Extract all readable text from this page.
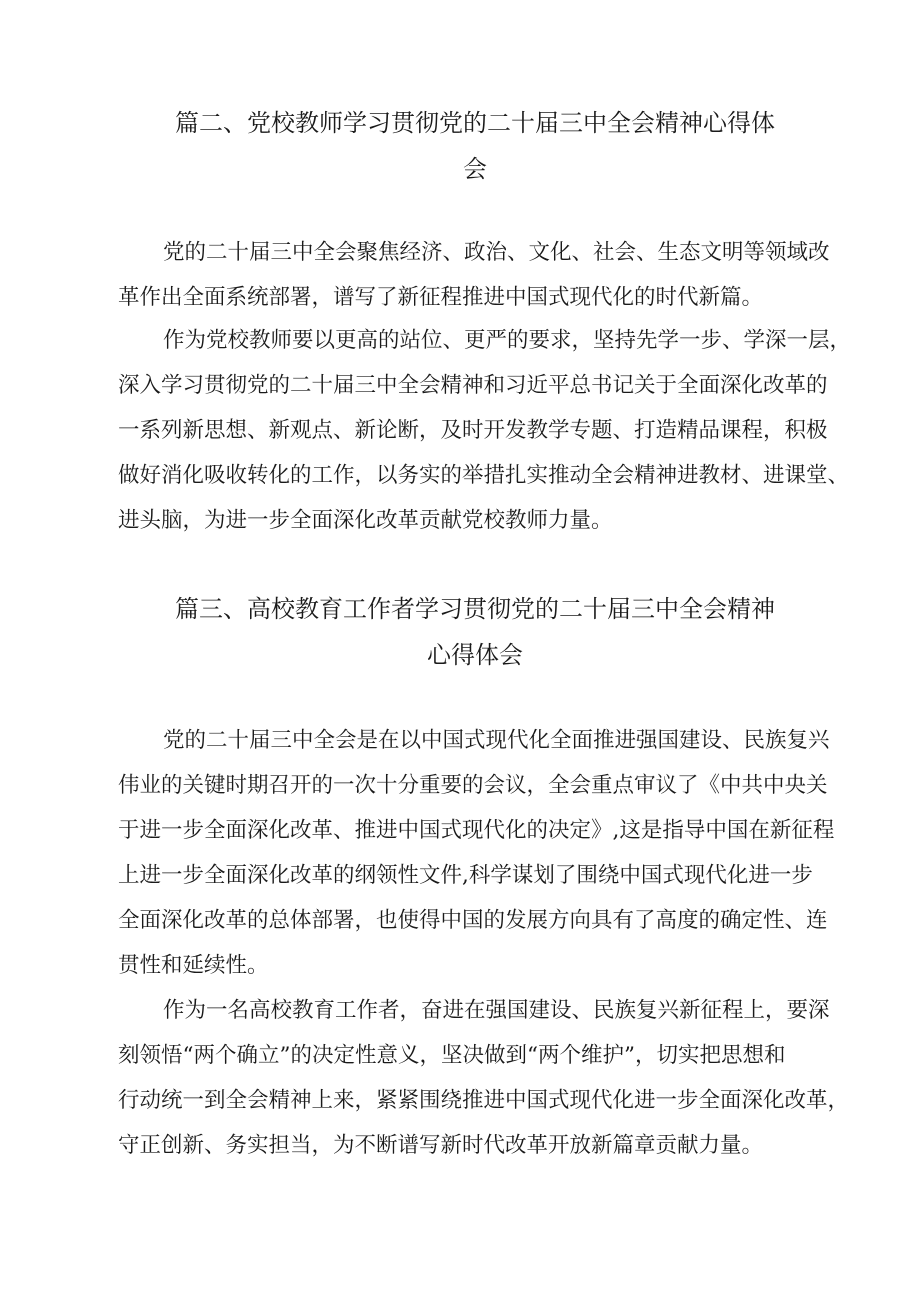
篇二、党校教师学习贯彻党的二十届三中全会精神心得体
会
党的二十届三中全会聚焦经济、政治、文化、社会、生态文明等领域改
革作出全面系统部署，谱写了新征程推进中国式现代化的时代新篇。
作为党校教师要以更高的站位、更严的要求，坚持先学一步、学深一层，
深入学习贯彻党的二十届三中全会精神和习近平总书记关于全面深化改革的
一系列新思想、新观点、新论断，及时开发教学专题、打造精品课程，积极
做好消化吸收转化的工作，以务实的举措扎实推动全会精神进教材、进课堂、
进头脑，为进一步全面深化改革贡献党校教师力量。
篇三、高校教育工作者学习贯彻党的二十届三中全会精神
心得体会
党的二十届三中全会是在以中国式现代化全面推进强国建设、民族复兴
伟业的关键时期召开的一次十分重要的会议，全会重点审议了《中共中央关
于进一步全面深化改革、推进中国式现代化的决定》,这是指导中国在新征程
上进一步全面深化改革的纲领性文件,科学谋划了围绕中国式现代化进一步
全面深化改革的总体部署，也使得中国的发展方向具有了高度的确定性、连
贯性和延续性。
作为一名高校教育工作者，奋进在强国建设、民族复兴新征程上，要深
刻领悟“两个确立”的决定性意义，坚决做到“两个维护”，切实把思想和
行动统一到全会精神上来，紧紧围绕推进中国式现代化进一步全面深化改革，
守正创新、务实担当，为不断谱写新时代改革开放新篇章贡献力量。
